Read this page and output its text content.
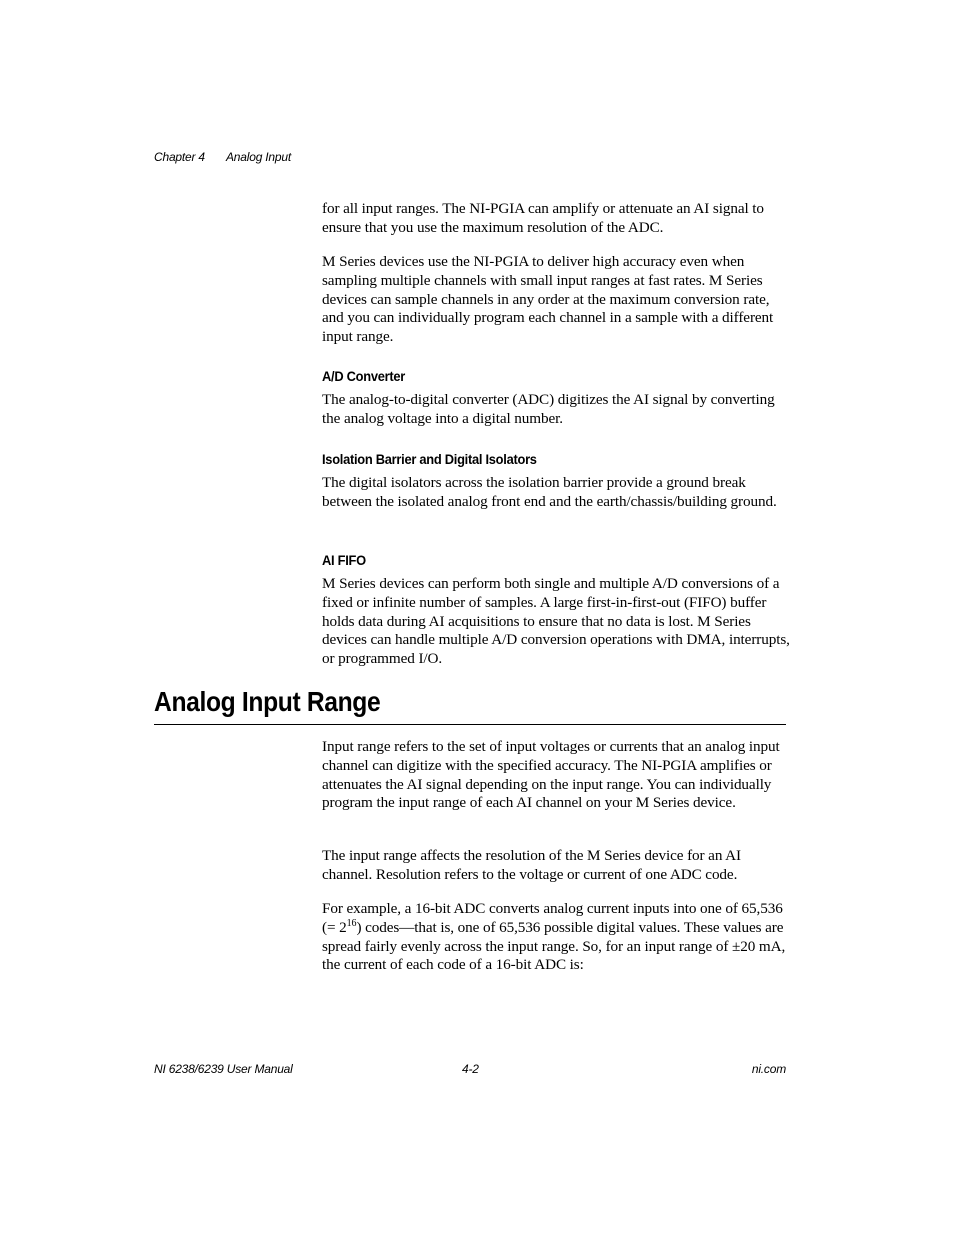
Chapter 4 Analog Input

for all input ranges. The NI-PGIA can amplify or attenuate an AI signal to ensure that you use the maximum resolution of the ADC.

M Series devices use the NI-PGIA to deliver high accuracy even when sampling multiple channels with small input ranges at fast rates. M Series devices can sample channels in any order at the maximum conversion rate, and you can individually program each channel in a sample with a different input range.

A/D Converter

The analog-to-digital converter (ADC) digitizes the AI signal by converting the analog voltage into a digital number.

Isolation Barrier and Digital Isolators

The digital isolators across the isolation barrier provide a ground break between the isolated analog front end and the earth/chassis/building ground.

AI FIFO

M Series devices can perform both single and multiple A/D conversions of a fixed or infinite number of samples. A large first-in-first-out (FIFO) buffer holds data during AI acquisitions to ensure that no data is lost. M Series devices can handle multiple A/D conversion operations with DMA, interrupts, or programmed I/O.

Analog Input Range

Input range refers to the set of input voltages or currents that an analog input channel can digitize with the specified accuracy. The NI-PGIA amplifies or attenuates the AI signal depending on the input range. You can individually program the input range of each AI channel on your M Series device.

The input range affects the resolution of the M Series device for an AI channel. Resolution refers to the voltage or current of one ADC code.

For example, a 16-bit ADC converts analog current inputs into one of 65,536 (= $2^{16}$) codes—that is, one of 65,536 possible digital values. These values are spread fairly evenly across the input range. So, for an input range of ±20 mA, the current of each code of a 16-bit ADC is:

NI 6238/6239 User Manual	4-2	ni.com
